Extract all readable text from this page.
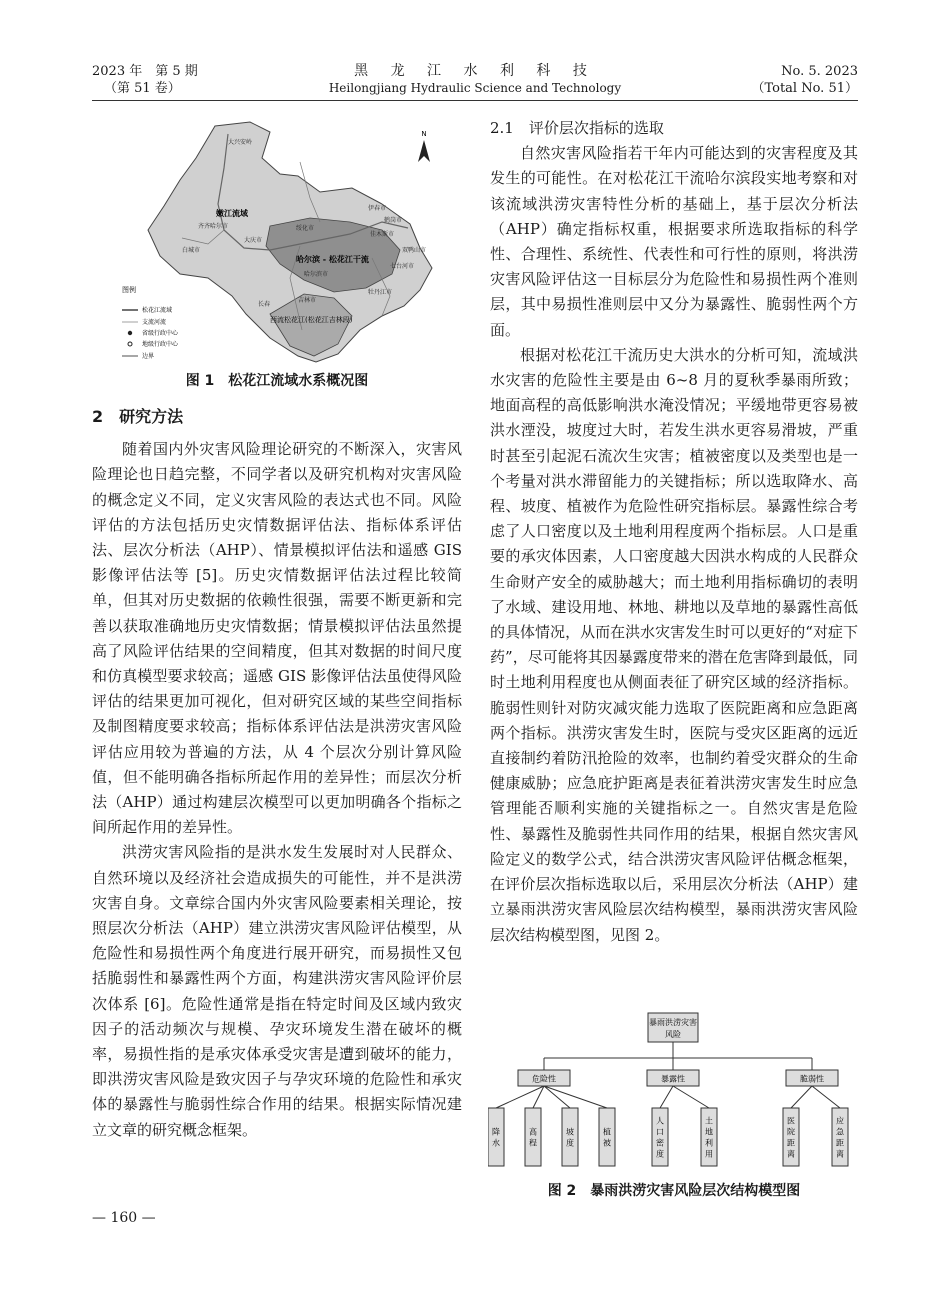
2023 年　第 5 期
（第 51 卷）
黑 龙 江 水 利 科 技
Heilongjiang Hydraulic Science and Technology
No. 5. 2023
（Total No. 51）
N
嫩江流域
哈尔滨 - 松花江干流
西流松花江(松花江吉林段)
大兴安岭
伊春市
鹤岗市
齐齐哈尔市	绥化市
佳木斯市
双鸭山市
大庆市
七台河市
白城市
哈尔滨市
牡丹江市
长春
吉林市
图例
松花江流域
支流河流
省级行政中心
地级行政中心
边界
图 1　松花江流域水系概况图
2　研究方法

随着国内外灾害风险理论研究的不断深入，灾害风险理论也日趋完整，不同学者以及研究机构对灾害风险的概念定义不同，定义灾害风险的表达式也不同。风险评估的方法包括历史灾情数据评估法、指标体系评估法、层次分析法（AHP）、情景模拟评估法和遥感 GIS 影像评估法等 [5]。历史灾情数据评估法过程比较简单，但其对历史数据的依赖性很强，需要不断更新和完善以获取准确地历史灾情数据；情景模拟评估法虽然提高了风险评估结果的空间精度，但其对数据的时间尺度和仿真模型要求较高；遥感 GIS 影像评估法虽使得风险评估的结果更加可视化，但对研究区域的某些空间指标及制图精度要求较高；指标体系评估法是洪涝灾害风险评估应用较为普遍的方法，从 4 个层次分别计算风险值，但不能明确各指标所起作用的差异性；而层次分析法（AHP）通过构建层次模型可以更加明确各个指标之间所起作用的差异性。

洪涝灾害风险指的是洪水发生发展时对人民群众、自然环境以及经济社会造成损失的可能性，并不是洪涝灾害自身。文章综合国内外灾害风险要素相关理论，按照层次分析法（AHP）建立洪涝灾害风险评估模型，从危险性和易损性两个角度进行展开研究，而易损性又包括脆弱性和暴露性两个方面，构建洪涝灾害风险评价层次体系 [6]。危险性通常是指在特定时间及区域内致灾因子的活动频次与规模、孕灾环境发生潜在破坏的概率，易损性指的是承灾体承受灾害是遭到破坏的能力，即洪涝灾害风险是致灾因子与孕灾环境的危险性和承灾体的暴露性与脆弱性综合作用的结果。根据实际情况建立文章的研究概念框架。

2.1　评价层次指标的选取

自然灾害风险指若干年内可能达到的灾害程度及其发生的可能性。在对松花江干流哈尔滨段实地考察和对该流域洪涝灾害特性分析的基础上，基于层次分析法（AHP）确定指标权重，根据要求所选取指标的科学性、合理性、系统性、代表性和可行性的原则，将洪涝灾害风险评估这一目标层分为危险性和易损性两个准则层，其中易损性准则层中又分为暴露性、脆弱性两个方面。

根据对松花江干流历史大洪水的分析可知，流域洪水灾害的危险性主要是由 6~8 月的夏秋季暴雨所致；地面高程的高低影响洪水淹没情况；平缓地带更容易被洪水湮没，坡度过大时，若发生洪水更容易滑坡，严重时甚至引起泥石流次生灾害；植被密度以及类型也是一个考量对洪水滞留能力的关键指标；所以选取降水、高程、坡度、植被作为危险性研究指标层。暴露性综合考虑了人口密度以及土地利用程度两个指标层。人口是重要的承灾体因素，人口密度越大因洪水构成的人民群众生命财产安全的威胁越大；而土地利用指标确切的表明了水域、建设用地、林地、耕地以及草地的暴露性高低的具体情况，从而在洪水灾害发生时可以更好的“对症下药”，尽可能将其因暴露度带来的潜在危害降到最低，同时土地利用程度也从侧面表征了研究区域的经济指标。脆弱性则针对防灾减灾能力选取了医院距离和应急距离两个指标。洪涝灾害发生时，医院与受灾区距离的远近直接制约着防汛抢险的效率，也制约着受灾群众的生命健康威胁；应急庇护距离是表征着洪涝灾害发生时应急管理能否顺利实施的关键指标之一。自然灾害是危险性、暴露性及脆弱性共同作用的结果，根据自然灾害风险定义的数学公式，结合洪涝灾害风险评估概念框架，在评价层次指标选取以后，采用层次分析法（AHP）建立暴雨洪涝灾害风险层次结构模型，暴雨洪涝灾害风险层次结构模型图，见图 2。

暴雨洪涝灾害
风险
危险性	暴露性	脆弱性
降水
高程
坡度
植被
人口密度
土地利用
医院距离
应急距离
图 2　暴雨洪涝灾害风险层次结构模型图
— 160 —
